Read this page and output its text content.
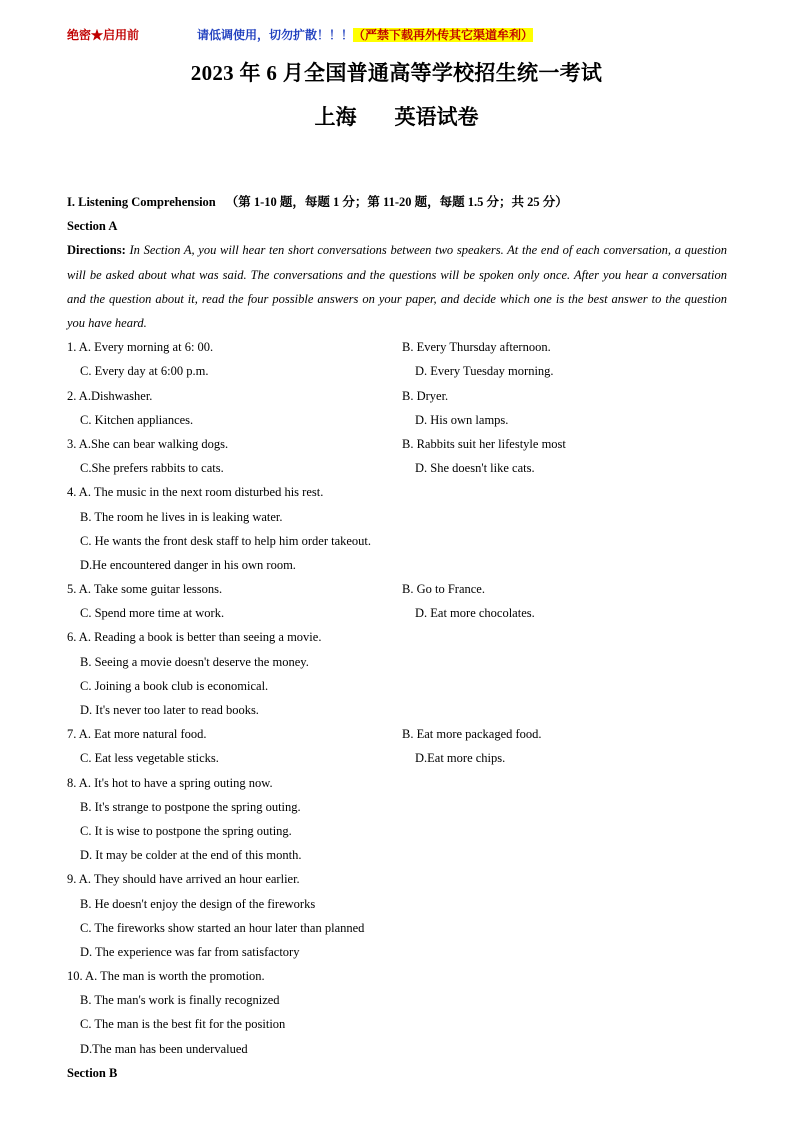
绝密★启用前	请低调使用，切勿扩散！！！（严禁下载再外传其它渠道牟利）
2023 年 6 月全国普通高等学校招生统一考试
上海 英语试卷
I. Listening Comprehension （第 1-10 题，每题 1 分；第 11-20 题，每题 1.5 分；共 25 分）
Section A
Directions: In Section A, you will hear ten short conversations between two speakers. At the end of each conversation, a question will be asked about what was said. The conversations and the questions will be spoken only once. After you hear a conversation and the question about it, read the four possible answers on your paper, and decide which one is the best answer to the question you have heard.
1. A. Every morning at 6: 00.	B. Every Thursday afternoon.
C. Every day at 6:00 p.m.	D. Every Tuesday morning.
2. A.Dishwasher.	B. Dryer.
C. Kitchen appliances.	D. His own lamps.
3. A.She can bear walking dogs.	B. Rabbits suit her lifestyle most
C.She prefers rabbits to cats.	D. She doesn't like cats.
4. A. The music in the next room disturbed his rest.
B. The room he lives in is leaking water.
C. He wants the front desk staff to help him order takeout.
D.He encountered danger in his own room.
5. A. Take some guitar lessons.	B. Go to France.
C. Spend more time at work.	D. Eat more chocolates.
6. A. Reading a book is better than seeing a movie.
B. Seeing a movie doesn't deserve the money.
C. Joining a book club is economical.
D. It's never too later to read books.
7. A. Eat more natural food.	B. Eat more packaged food.
C. Eat less vegetable sticks.	D.Eat more chips.
8. A. It's hot to have a spring outing now.
B. It's strange to postpone the spring outing.
C. It is wise to postpone the spring outing.
D. It may be colder at the end of this month.
9. A. They should have arrived an hour earlier.
B. He doesn't enjoy the design of the fireworks
C. The fireworks show started an hour later than planned
D. The experience was far from satisfactory
10. A. The man is worth the promotion.
B. The man's work is finally recognized
C. The man is the best fit for the position
D.The man has been undervalued
Section B
